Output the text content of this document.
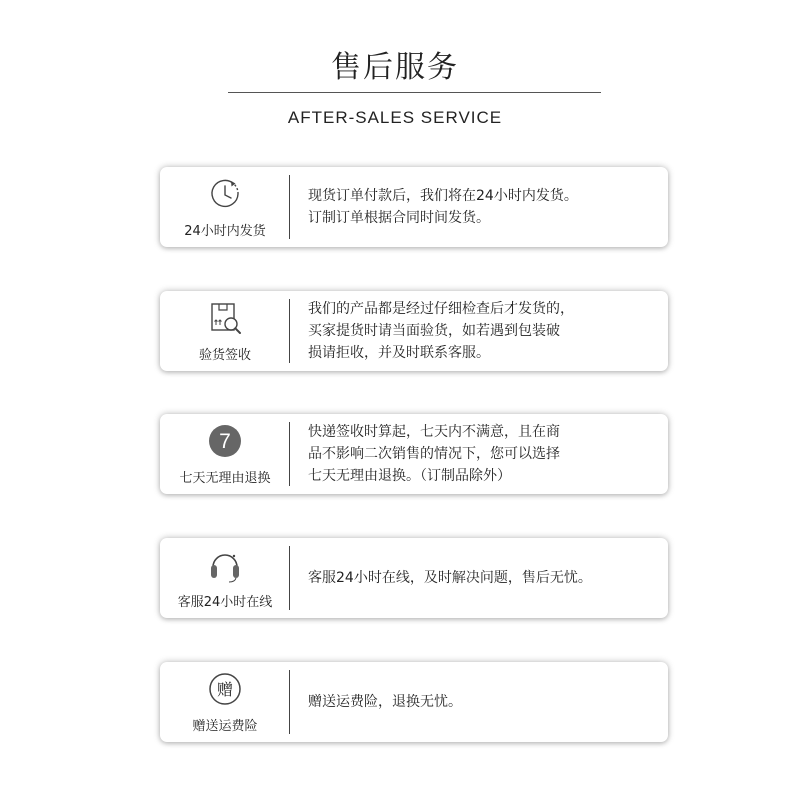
售后服务
AFTER-SALES SERVICE
24小时内发货
现货订单付款后，我们将在24小时内发货。
订制订单根据合同时间发货。
验货签收
我们的产品都是经过仔细检查后才发货的，
买家提货时请当面验货，如若遇到包装破
损请拒收，并及时联系客服。
7
七天无理由退换
快递签收时算起，七天内不满意，且在商
品不影响二次销售的情况下，您可以选择
七天无理由退换。（订制品除外）
客服24小时在线
客服24小时在线，及时解决问题，售后无忧。
赠
赠送运费险
赠送运费险，退换无忧。
